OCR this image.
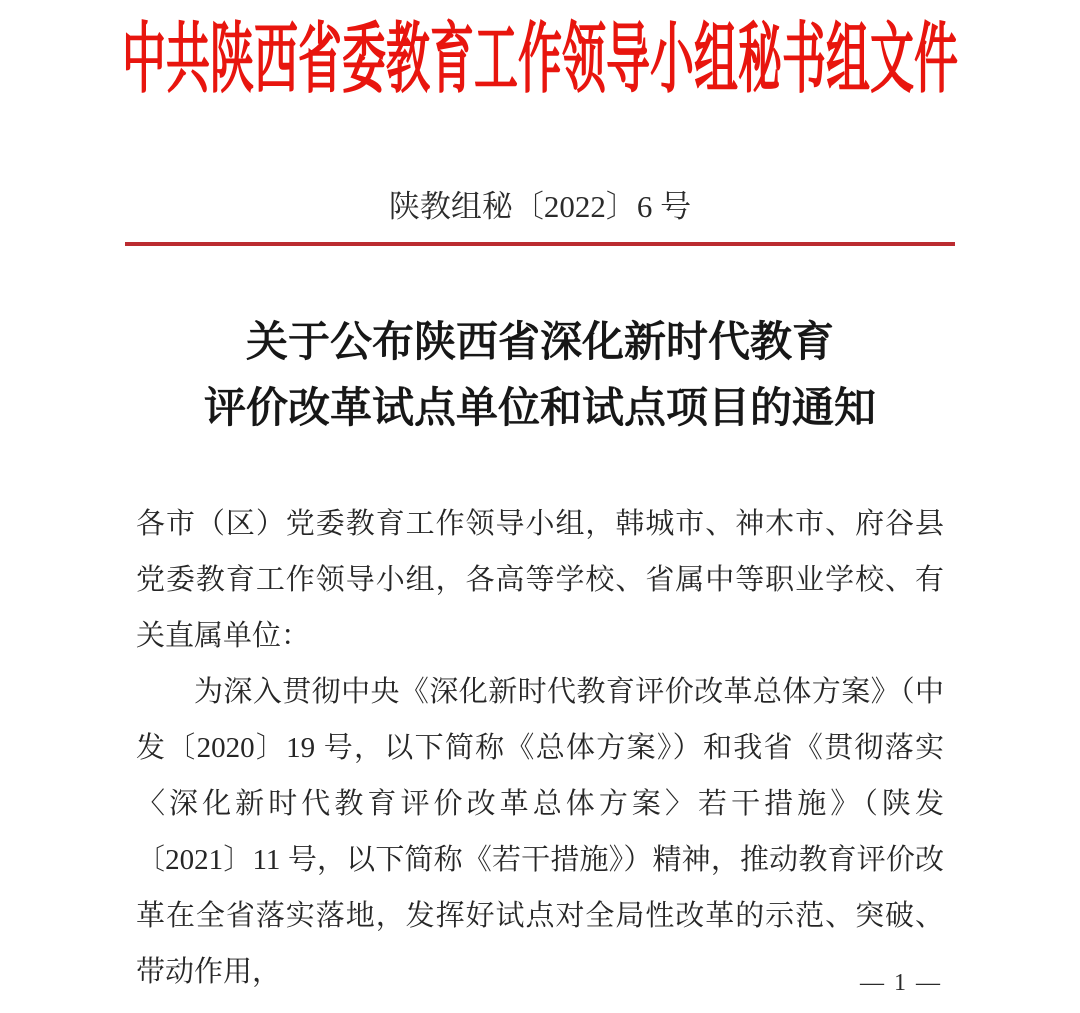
中共陕西省委教育工作领导小组秘书组文件
陕教组秘〔2022〕6 号
关于公布陕西省深化新时代教育
评价改革试点单位和试点项目的通知

各市（区）党委教育工作领导小组，韩城市、神木市、府谷县党委教育工作领导小组，各高等学校、省属中等职业学校、有关直属单位：

为深入贯彻中央《深化新时代教育评价改革总体方案》（中发〔2020〕19 号，以下简称《总体方案》）和我省《贯彻落实〈深化新时代教育评价改革总体方案〉若干措施》（陕发〔2021〕11 号，以下简称《若干措施》）精神，推动教育评价改革在全省落实落地，发挥好试点对全局性改革的示范、突破、带动作用，	— 1 —
